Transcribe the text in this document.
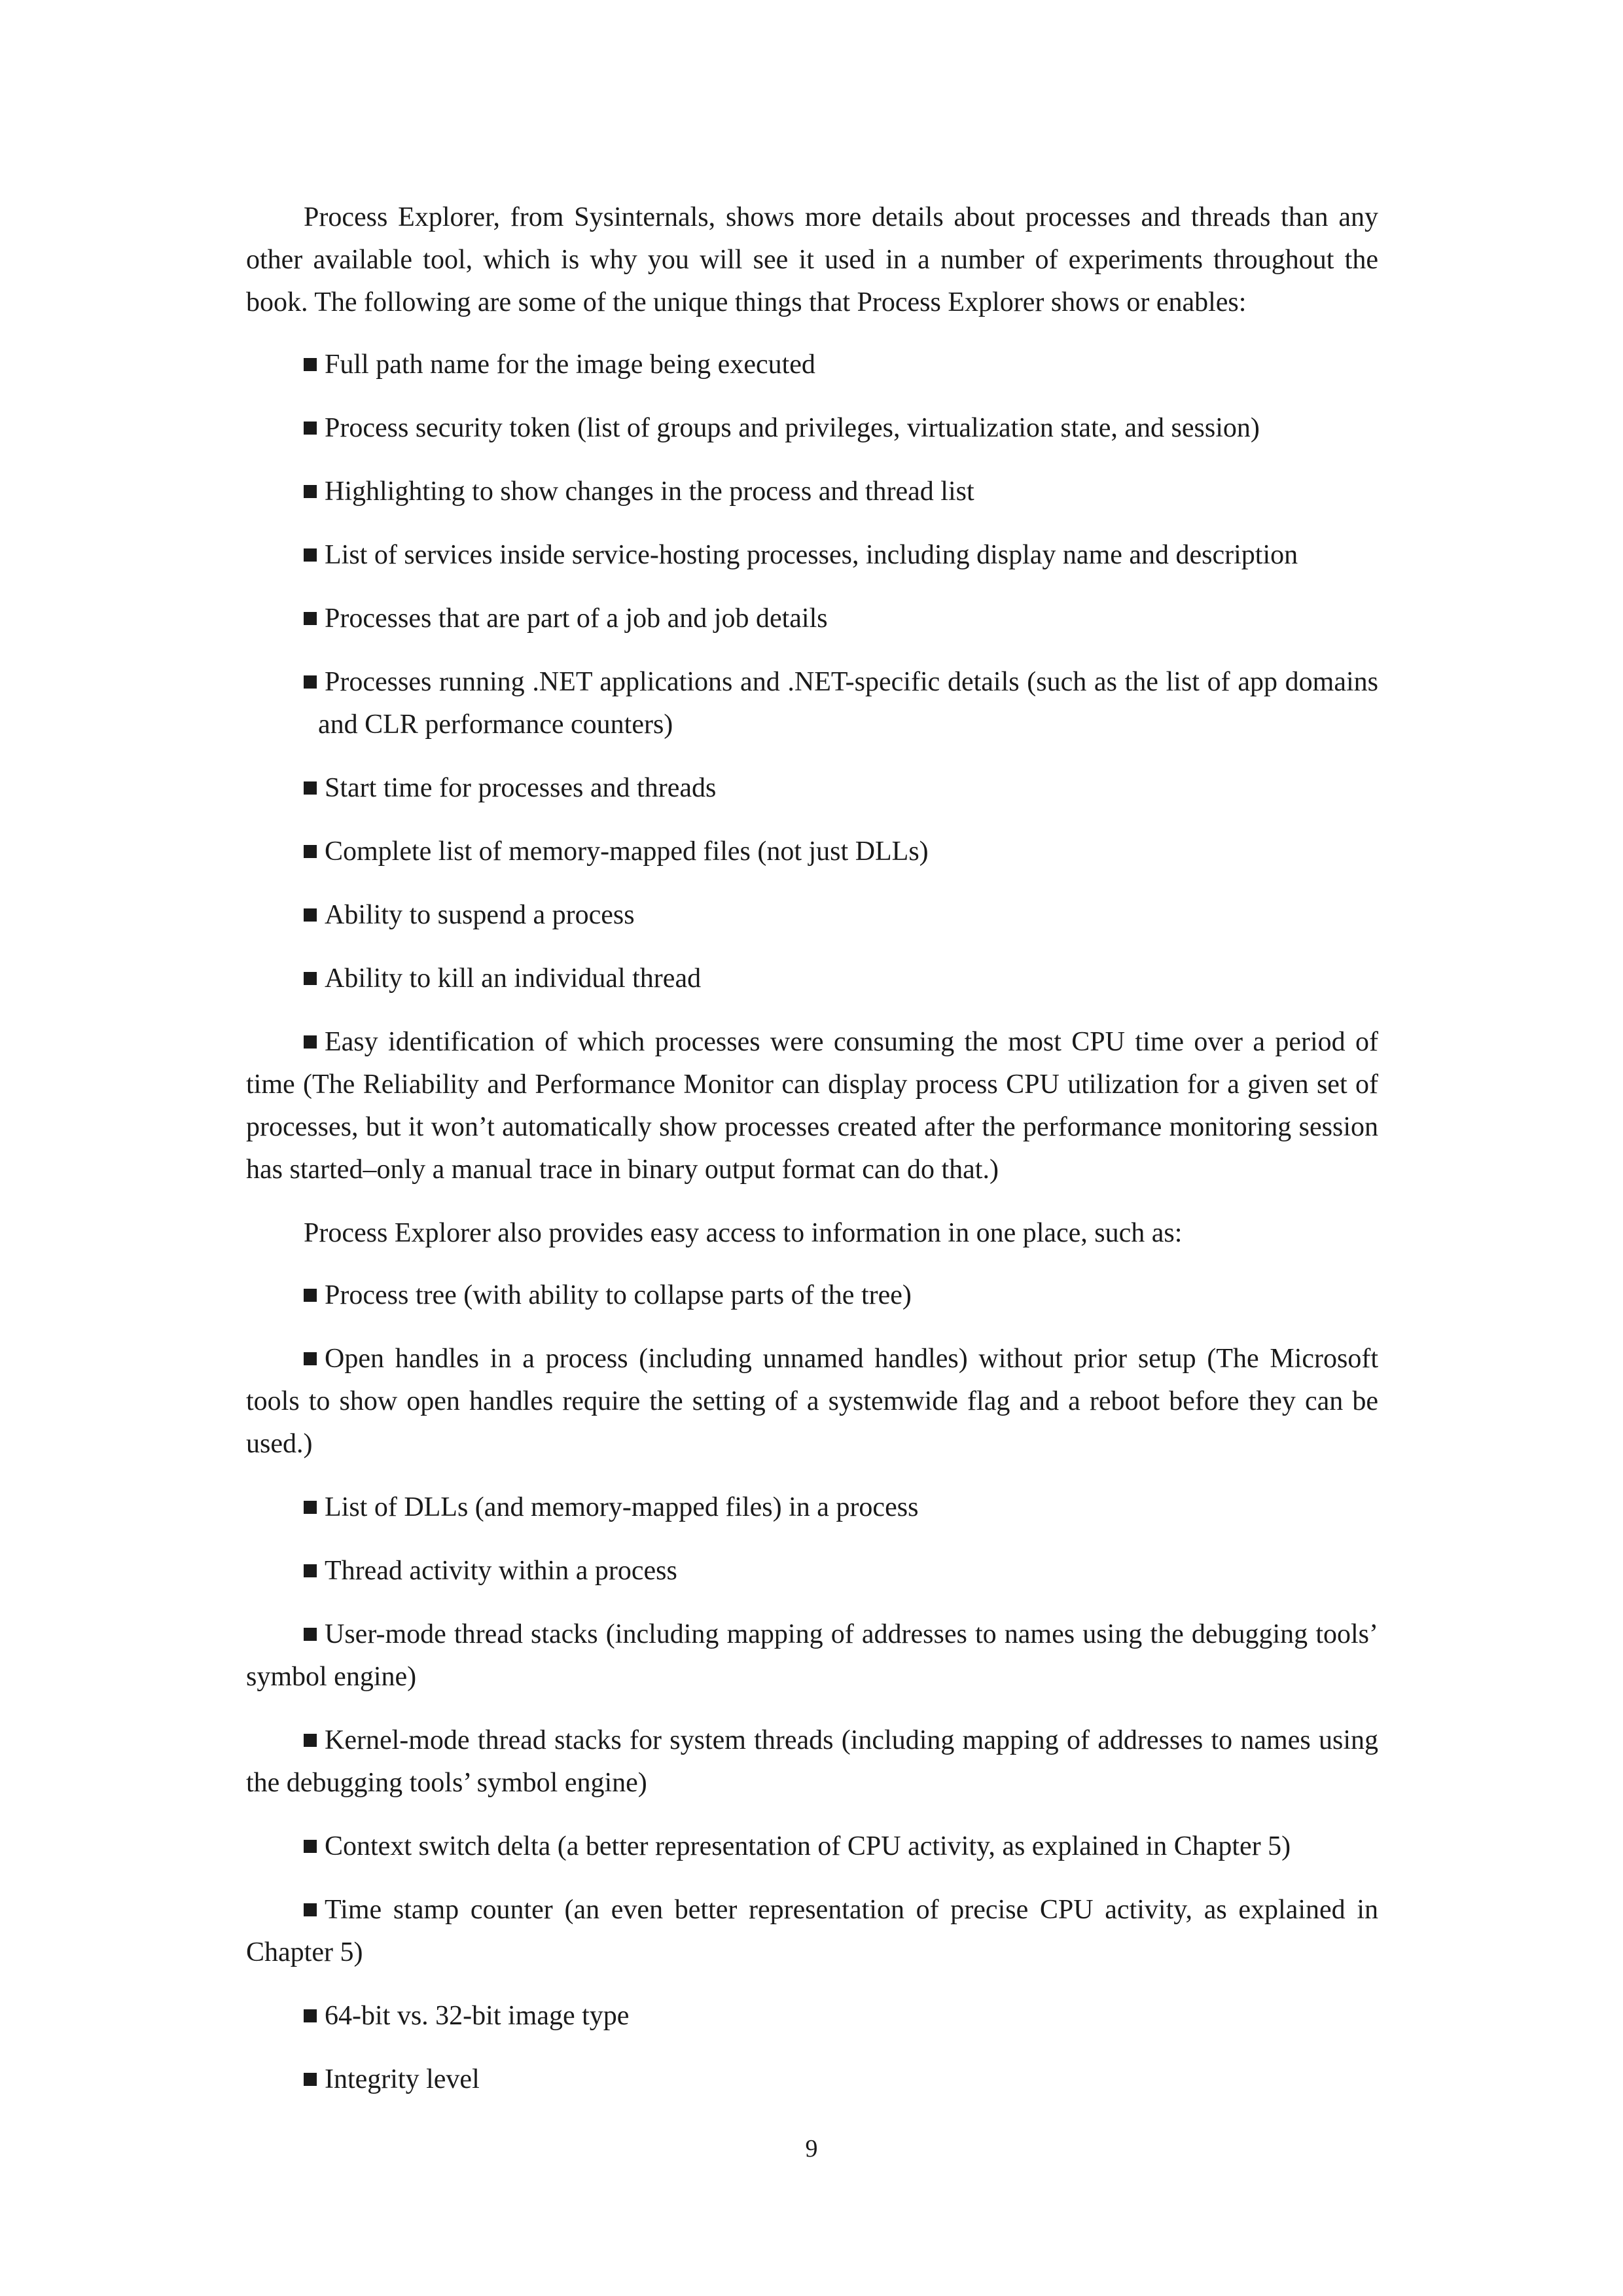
Process Explorer, from Sysinternals, shows more details about processes and threads than any other available tool, which is why you will see it used in a number of experiments throughout the book. The following are some of the unique things that Process Explorer shows or enables:

Full path name for the image being executed
Process security token (list of groups and privileges, virtualization state, and session)
Highlighting to show changes in the process and thread list
List of services inside service-hosting processes, including display name and description
Processes that are part of a job and job details
Processes running .NET applications and .NET-specific details (such as the list of app domains and CLR performance counters)
Start time for processes and threads
Complete list of memory-mapped files (not just DLLs)
Ability to suspend a process
Ability to kill an individual thread
Easy identification of which processes were consuming the most CPU time over a period of time (The Reliability and Performance Monitor can display process CPU utilization for a given set of processes, but it won’t automatically show processes created after the performance monitoring session has started–only a manual trace in binary output format can do that.)

Process Explorer also provides easy access to information in one place, such as:

Process tree (with ability to collapse parts of the tree)
Open handles in a process (including unnamed handles) without prior setup (The Microsoft tools to show open handles require the setting of a systemwide flag and a reboot before they can be used.)
List of DLLs (and memory-mapped files) in a process
Thread activity within a process
User-mode thread stacks (including mapping of addresses to names using the debugging tools’ symbol engine)
Kernel-mode thread stacks for system threads (including mapping of addresses to names using the debugging tools’ symbol engine)
Context switch delta (a better representation of CPU activity, as explained in Chapter 5)
Time stamp counter (an even better representation of precise CPU activity, as explained in Chapter 5)
64-bit vs. 32-bit image type
Integrity level
9
